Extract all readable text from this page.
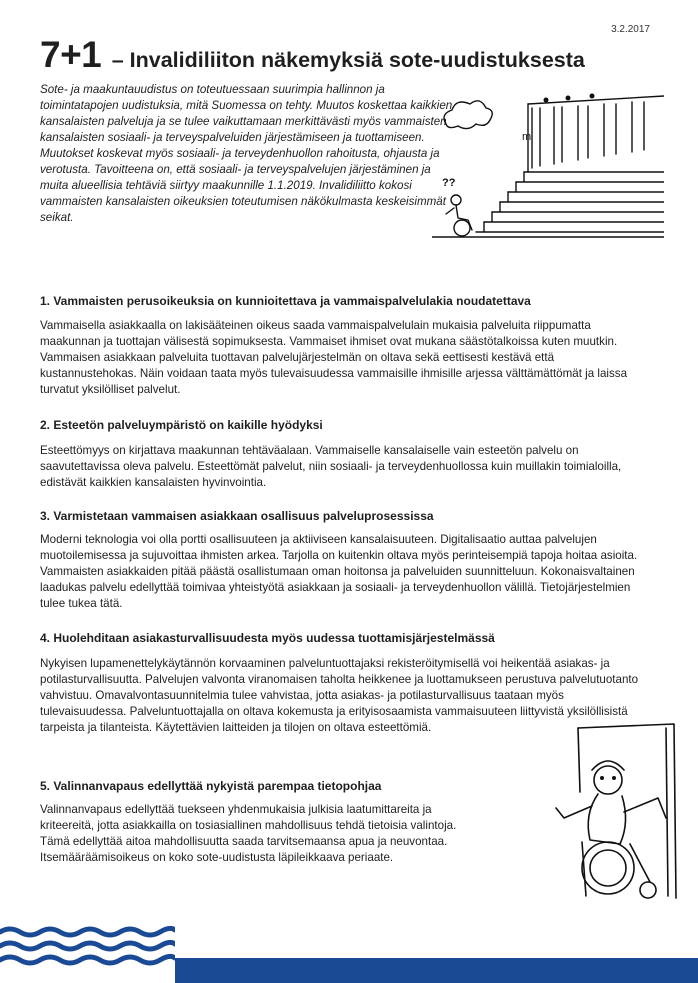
3.2.2017
7+1 – Invalidiliiton näkemyksiä sote-uudistuksesta

Sote- ja maakuntauudistus on toteutuessaan suurimpia hallinnon ja toimintatapojen uudistuksia, mitä Suomessa on tehty. Muutos koskettaa kaikkien kansalaisten palveluja ja se tulee vaikuttamaan merkittävästi myös vammaisten kansalaisten sosiaali- ja terveyspalveluiden järjestämiseen ja tuottamiseen. Muutokset koskevat myös sosiaali- ja terveydenhuollon rahoitusta, ohjausta ja verotusta. Tavoitteena on, että sosiaali- ja terveyspalvelujen järjestäminen ja muita alueellisia tehtäviä siirtyy maakunnille 1.1.2019. Invalidiliitto kokosi vammaisten kansalaisten oikeuksien toteutumisen näkökulmasta keskeisimmät seikat.

m
??
1. Vammaisten perusoikeuksia on kunnioitettava ja vammaispalvelulakia noudatettava

Vammaisella asiakkaalla on lakisääteinen oikeus saada vammaispalvelulain mukaisia palveluita riippumatta maakunnan ja tuottajan välisestä sopimuksesta. Vammaiset ihmiset ovat mukana säästötalkoissa kuten muutkin. Vammaisen asiakkaan palveluita tuottavan palvelujärjestelmän on oltava sekä eettisesti kestävä että kustannustehokas. Näin voidaan taata myös tulevaisuudessa vammaisille ihmisille arjessa välttämättömät ja laissa turvatut yksilölliset palvelut.

2. Esteetön palveluympäristö on kaikille hyödyksi

Esteettömyys on kirjattava maakunnan tehtäväalaan. Vammaiselle kansalaiselle vain esteetön palvelu on saavutettavissa oleva palvelu. Esteettömät palvelut, niin sosiaali- ja terveydenhuollossa kuin muillakin toimialoilla, edistävät kaikkien kansalaisten hyvinvointia.

3. Varmistetaan vammaisen asiakkaan osallisuus palveluprosessissa

Moderni teknologia voi olla portti osallisuuteen ja aktiiviseen kansalaisuuteen. Digitalisaatio auttaa palvelujen muotoilemisessa ja sujuvoittaa ihmisten arkea. Tarjolla on kuitenkin oltava myös perinteisempiä tapoja hoitaa asioita. Vammaisten asiakkaiden pitää päästä osallistumaan oman hoitonsa ja palveluiden suunnitteluun. Kokonaisvaltainen laadukas palvelu edellyttää toimivaa yhteistyötä asiakkaan ja sosiaali- ja terveydenhuollon välillä. Tietojärjestelmien tulee tukea tätä.

4. Huolehditaan asiakasturvallisuudesta myös uudessa tuottamisjärjestelmässä

Nykyisen lupamenettelykäytännön korvaaminen palveluntuottajaksi rekisteröitymisellä voi heikentää asiakas- ja potilasturvallisuutta. Palvelujen valvonta viranomaisen taholta heikkenee ja luottamukseen perustuva palvelutuotanto vahvistuu. Omavalvontasuunnitelmia tulee vahvistaa, jotta asiakas- ja potilasturvallisuus taataan myös tulevaisuudessa. Palveluntuottajalla on oltava kokemusta ja erityisosaamista vammaisuuteen liittyvistä yksilöllisistä tarpeista ja tilanteista. Käytettävien laitteiden ja tilojen on oltava esteettömiä.

5. Valinnanvapaus edellyttää nykyistä parempaa tietopohjaa

Valinnanvapaus edellyttää tuekseen yhdenmukaisia julkisia laatumittareita ja kriteereitä, jotta asiakkailla on tosiasiallinen mahdollisuus tehdä tietoisia valintoja. Tämä edellyttää aitoa mahdollisuutta saada tarvitsemaansa apua ja neuvontaa. Itsemääräämisoikeus on koko sote-uudistusta läpileikkaava periaate.
